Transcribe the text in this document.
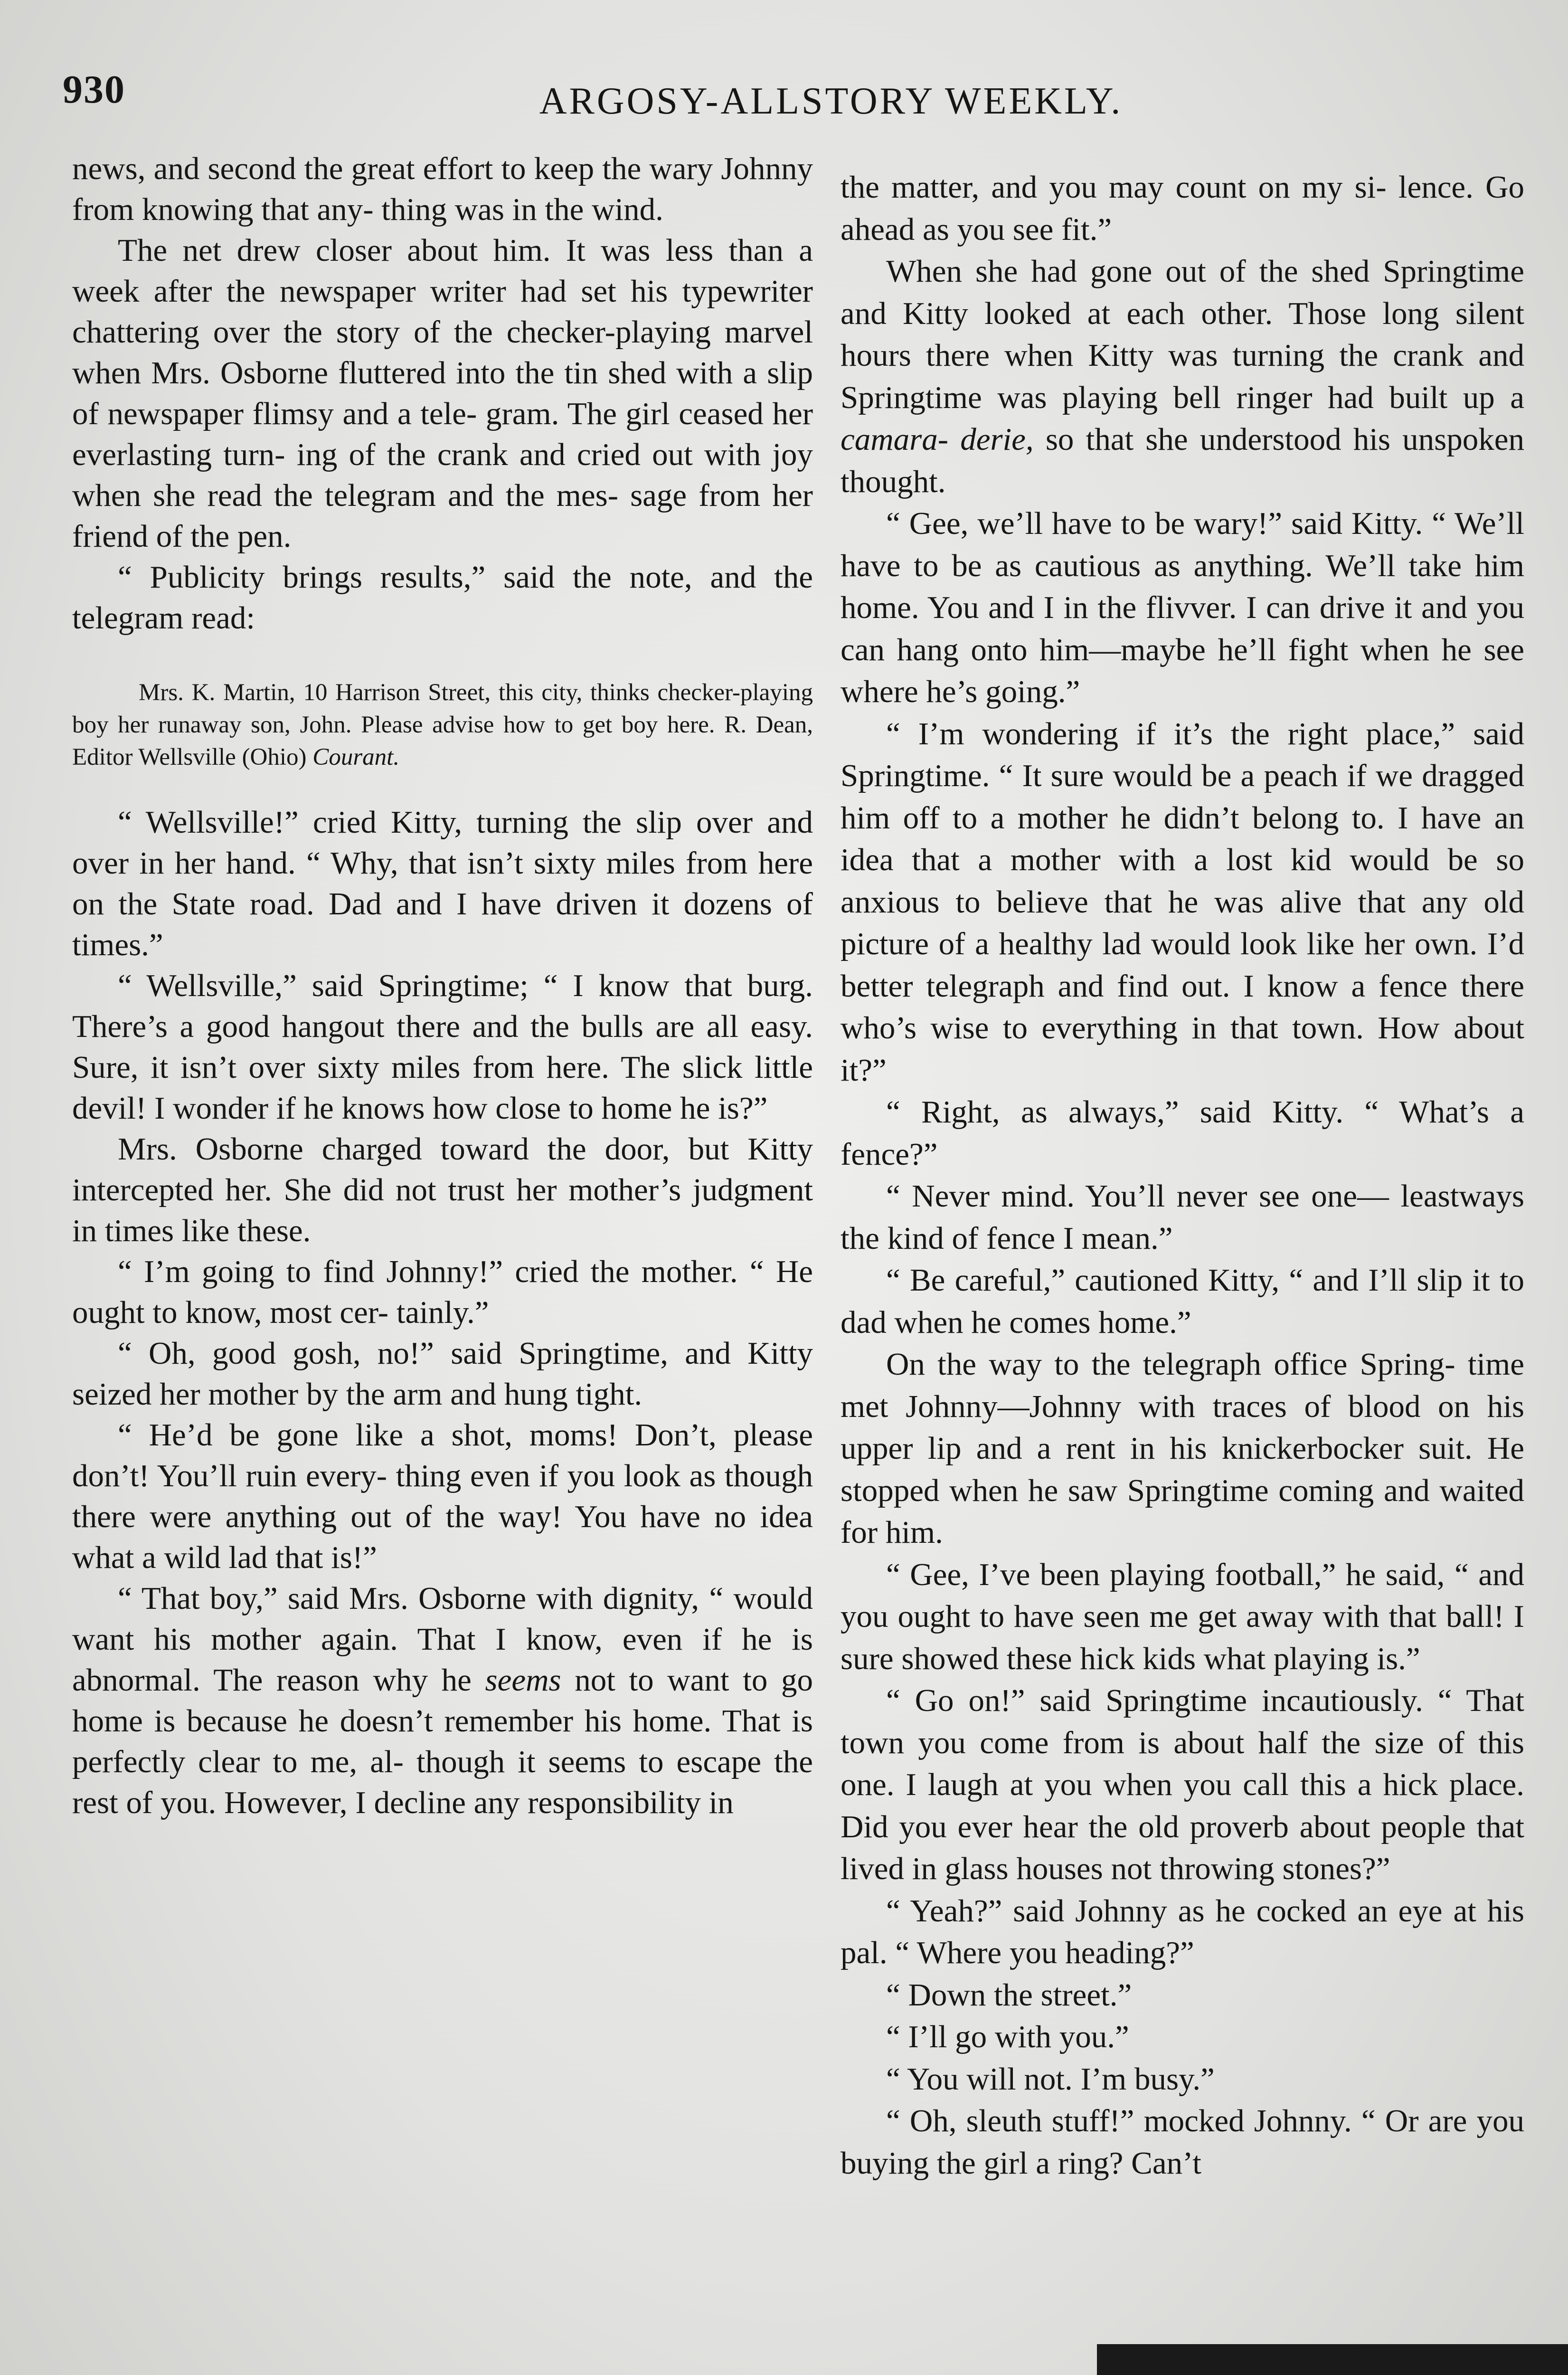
930	ARGOSY-ALLSTORY WEEKLY.

news, and second the great effort to keep the wary Johnny from knowing that any- thing was in the wind.

The net drew closer about him. It was less than a week after the newspaper writer had set his typewriter chattering over the story of the checker-playing marvel when Mrs. Osborne fluttered into the tin shed with a slip of newspaper flimsy and a tele- gram. The girl ceased her everlasting turn- ing of the crank and cried out with joy when she read the telegram and the mes- sage from her friend of the pen.

“ Publicity brings results,” said the note, and the telegram read:

Mrs. K. Martin, 10 Harrison Street, this city, thinks checker-playing boy her runaway son, John. Please advise how to get boy here. R. Dean, Editor Wellsville (Ohio) Courant.

“ Wellsville!” cried Kitty, turning the slip over and over in her hand. “ Why, that isn’t sixty miles from here on the State road. Dad and I have driven it dozens of times.”

“ Wellsville,” said Springtime; “ I know that burg. There’s a good hangout there and the bulls are all easy. Sure, it isn’t over sixty miles from here. The slick little devil! I wonder if he knows how close to home he is?”

Mrs. Osborne charged toward the door, but Kitty intercepted her. She did not trust her mother’s judgment in times like these.

“ I’m going to find Johnny!” cried the mother. “ He ought to know, most cer- tainly.”

“ Oh, good gosh, no!” said Springtime, and Kitty seized her mother by the arm and hung tight.

“ He’d be gone like a shot, moms! Don’t, please don’t! You’ll ruin every- thing even if you look as though there were anything out of the way! You have no idea what a wild lad that is!”

“ That boy,” said Mrs. Osborne with dignity, “ would want his mother again. That I know, even if he is abnormal. The reason why he seems not to want to go home is because he doesn’t remember his home. That is perfectly clear to me, al- though it seems to escape the rest of you. However, I decline any responsibility in

the matter, and you may count on my si- lence. Go ahead as you see fit.”

When she had gone out of the shed Springtime and Kitty looked at each other. Those long silent hours there when Kitty was turning the crank and Springtime was playing bell ringer had built up a camara- derie, so that she understood his unspoken thought.

“ Gee, we’ll have to be wary!” said Kitty. “ We’ll have to be as cautious as anything. We’ll take him home. You and I in the flivver. I can drive it and you can hang onto him—maybe he’ll fight when he see where he’s going.”

“ I’m wondering if it’s the right place,” said Springtime. “ It sure would be a peach if we dragged him off to a mother he didn’t belong to. I have an idea that a mother with a lost kid would be so anxious to believe that he was alive that any old picture of a healthy lad would look like her own. I’d better telegraph and find out. I know a fence there who’s wise to everything in that town. How about it?”

“ Right, as always,” said Kitty. “ What’s a fence?”

“ Never mind. You’ll never see one— leastways the kind of fence I mean.”

“ Be careful,” cautioned Kitty, “ and I’ll slip it to dad when he comes home.”

On the way to the telegraph office Spring- time met Johnny—Johnny with traces of blood on his upper lip and a rent in his knickerbocker suit. He stopped when he saw Springtime coming and waited for him.

“ Gee, I’ve been playing football,” he said, “ and you ought to have seen me get away with that ball! I sure showed these hick kids what playing is.”

“ Go on!” said Springtime incautiously. “ That town you come from is about half the size of this one. I laugh at you when you call this a hick place. Did you ever hear the old proverb about people that lived in glass houses not throwing stones?”

“ Yeah?” said Johnny as he cocked an eye at his pal. “ Where you heading?”

“ Down the street.”

“ I’ll go with you.”

“ You will not. I’m busy.”

“ Oh, sleuth stuff!” mocked Johnny. “ Or are you buying the girl a ring? Can’t
